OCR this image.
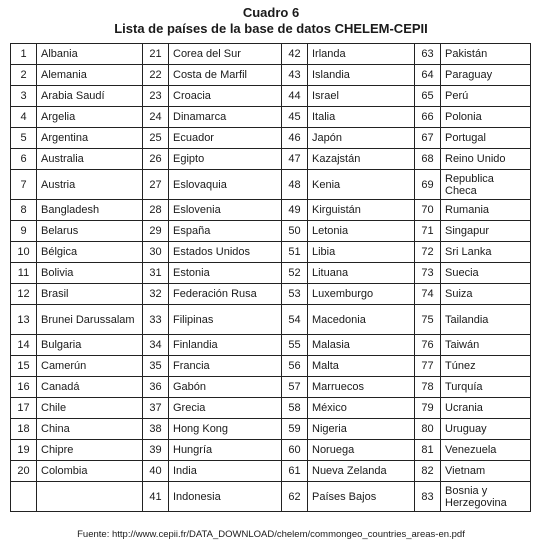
Cuadro 6
Lista de países de la base de datos CHELEM-CEPII
1	Albania	21	Corea del Sur	42	Irlanda	63	Pakistán
2	Alemania	22	Costa de Marfil	43	Islandia	64	Paraguay
3	Arabia Saudí	23	Croacia	44	Israel	65	Perú
4	Argelia	24	Dinamarca	45	Italia	66	Polonia
5	Argentina	25	Ecuador	46	Japón	67	Portugal
6	Australia	26	Egipto	47	Kazajstán	68	Reino Unido
7	Austria	27	Eslovaquia	48	Kenia	69	Republica Checa
8	Bangladesh	28	Eslovenia	49	Kirguistán	70	Rumania
9	Belarus	29	España	50	Letonia	71	Singapur
10	Bélgica	30	Estados Unidos	51	Libia	72	Sri Lanka
11	Bolivia	31	Estonia	52	Lituana	73	Suecia
12	Brasil	32	Federación Rusa	53	Luxemburgo	74	Suiza
13	Brunei Darussalam	33	Filipinas	54	Macedonia	75	Tailandia
14	Bulgaria	34	Finlandia	55	Malasia	76	Taiwán
15	Camerún	35	Francia	56	Malta	77	Túnez
16	Canadá	36	Gabón	57	Marruecos	78	Turquía
17	Chile	37	Grecia	58	México	79	Ucrania
18	China	38	Hong Kong	59	Nigeria	80	Uruguay
19	Chipre	39	Hungría	60	Noruega	81	Venezuela
20	Colombia	40	India	61	Nueva Zelanda	82	Vietnam
		41	Indonesia	62	Países Bajos	83	Bosnia y Herzegovina
Fuente: http://www.cepii.fr/DATA_DOWNLOAD/chelem/commongeo_countries_areas-en.pdf
